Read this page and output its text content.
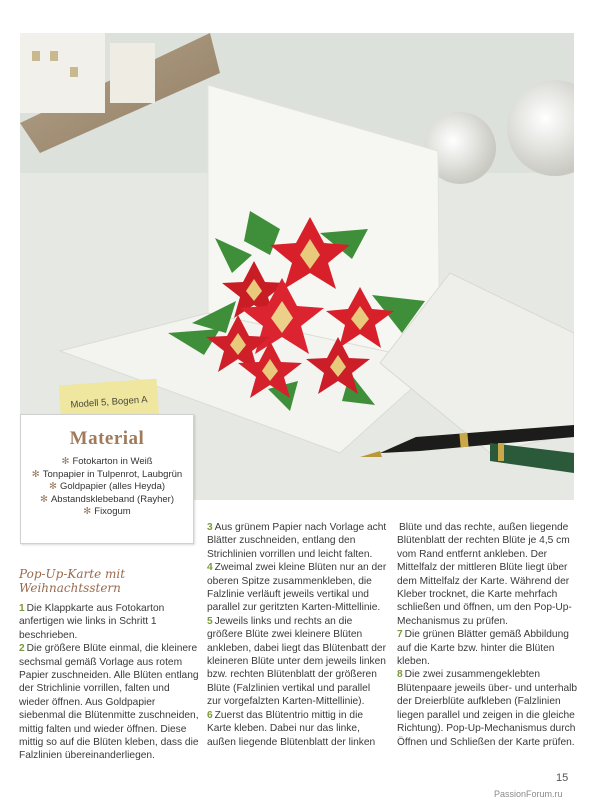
Modell 5, Bogen A
Material
✻ Fotokarton in Weiß
✻ Tonpapier in Tulpenrot, Laubgrün
✻ Goldpapier (alles Heyda)
✻ Abstandsklebeband (Rayher)
✻ Fixogum
Pop-Up-Karte mit Weihnachtsstern

1 Die Klappkarte aus Fotokarton anfertigen wie links in Schritt 1 beschrieben.

2 Die größere Blüte einmal, die kleinere sechsmal gemäß Vorlage aus rotem Papier zuschneiden. Alle Blüten entlang der Strichlinie vorrillen, falten und wieder öffnen. Aus Goldpapier siebenmal die Blütenmitte zuschneiden, mittig falten und wieder öffnen. Diese mittig so auf die Blüten kleben, dass die Falzlinien übereinanderliegen.

3 Aus grünem Papier nach Vorlage acht Blätter zuschneiden, entlang den Strichlinien vorrillen und leicht falten.

4 Zweimal zwei kleine Blüten nur an der oberen Spitze zusammenkleben, die Falzlinie verläuft jeweils vertikal und parallel zur geritzten Karten-Mittellinie.

5 Jeweils links und rechts an die größere Blüte zwei kleinere Blüten ankleben, dabei liegt das Blütenbatt der kleineren Blüte unter dem jeweils linken bzw. rechten Blütenblatt der größeren Blüte (Falzlinien vertikal und parallel zur vorgefalzten Karten-Mittellinie).

6 Zuerst das Blütentrio mittig in die Karte kleben. Dabei nur das linke, außen liegende Blütenblatt der linken

Blüte und das rechte, außen liegende Blütenblatt der rechten Blüte je 4,5 cm vom Rand entfernt ankleben. Der Mittelfalz der mittleren Blüte liegt über dem Mittelfalz der Karte. Während der Kleber trocknet, die Karte mehrfach schließen und öffnen, um den Pop-Up-Mechanismus zu prüfen.

7 Die grünen Blätter gemäß Abbildung auf die Karte bzw. hinter die Blüten kleben.

8 Die zwei zusammengeklebten Blütenpaare jeweils über- und unterhalb der Dreierblüte aufkleben (Falzlinien liegen parallel und zeigen in die gleiche Richtung). Pop-Up-Mechanismus durch Öffnen und Schließen der Karte prüfen.

15
PassionForum.ru
